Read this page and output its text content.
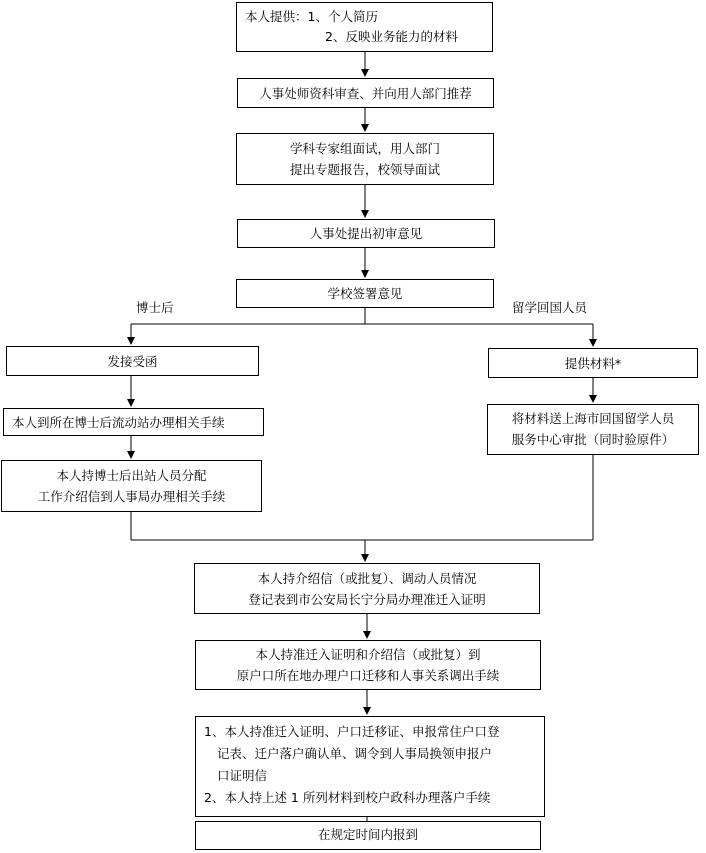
本人提供：1、个人简历
2、反映业务能力的材料
人事处师资科审查、并向用人部门推荐
学科专家组面试，用人部门
提出专题报告，校领导面试
人事处提出初审意见
学校签署意见
博士后	留学回国人员
发接受函
本人到所在博士后流动站办理相关手续
本人持博士后出站人员分配
工作介绍信到人事局办理相关手续
提供材料*
将材料送上海市回国留学人员
服务中心审批（同时验原件）
本人持介绍信（或批复）、调动人员情况
登记表到市公安局长宁分局办理准迁入证明
本人持准迁入证明和介绍信（或批复）到
原户口所在地办理户口迁移和人事关系调出手续
1、本人持准迁入证明、户口迁移证、申报常住户口登
记表、迁户落户确认单、调令到人事局换领申报户
口证明信
2、本人持上述 1 所列材料到校户政科办理落户手续
在规定时间内报到
